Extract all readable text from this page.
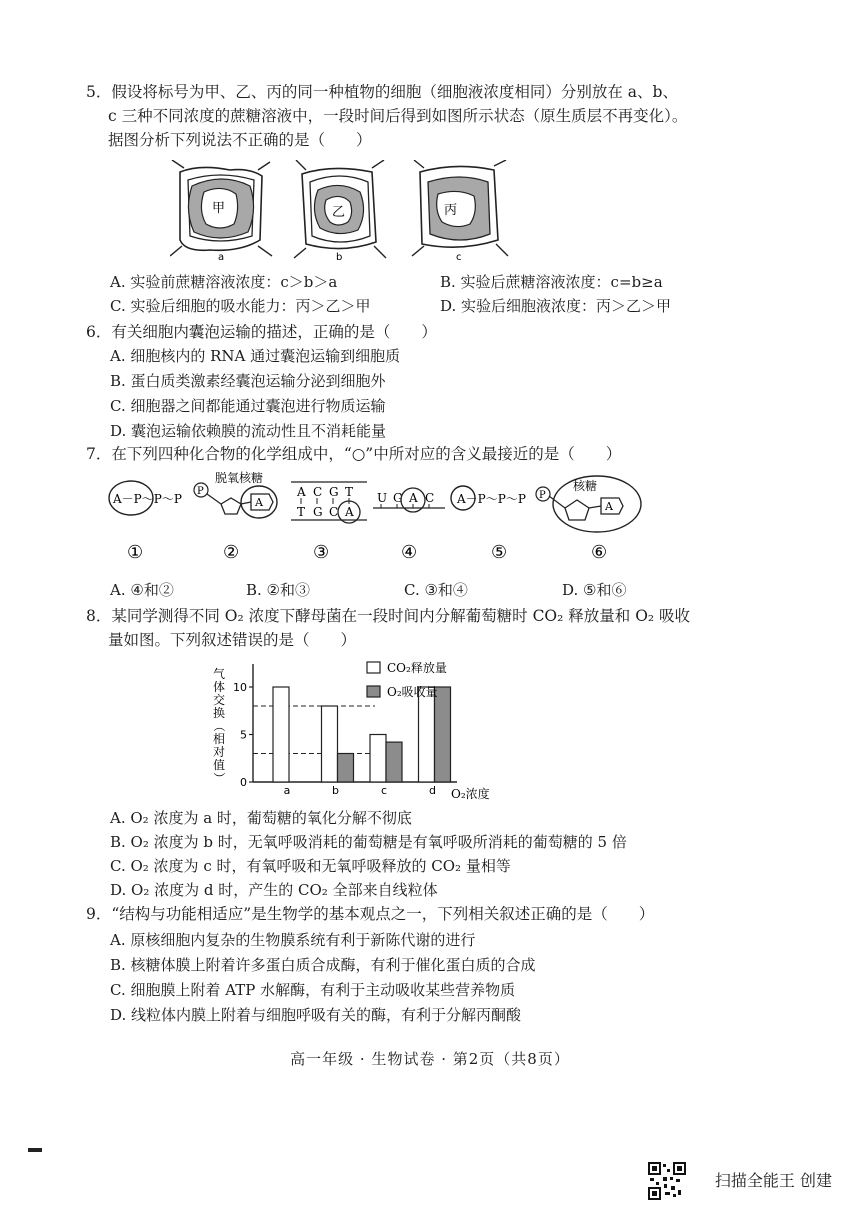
5．假设将标号为甲、乙、丙的同一种植物的细胞（细胞液浓度相同）分别放在 a、b、
c 三种不同浓度的蔗糖溶液中，一段时间后得到如图所示状态（原生质层不再变化）。
据图分析下列说法不正确的是（　　）
甲
a
乙
b
丙
c
A. 实验前蔗糖溶液浓度：c＞b＞a	B. 实验后蔗糖溶液浓度：c=b≥a
C. 实验后细胞的吸水能力：丙＞乙＞甲	D. 实验后细胞液浓度：丙＞乙＞甲
6．有关细胞内囊泡运输的描述，正确的是（　　）
A. 细胞核内的 RNA 通过囊泡运输到细胞质
B. 蛋白质类激素经囊泡运输分泌到细胞外
C. 细胞器之间都能通过囊泡进行物质运输
D. 囊泡运输依赖膜的流动性且不消耗能量
7．在下列四种化合物的化学组成中，“○”中所对应的含义最接近的是（　　）
A－P～P～P
P
A
脱氧核糖
A C G T
T G C A
U G A C A－P～P～P P
A
核糖
①	②	③	④	⑤	⑥
A. ④和②	B. ②和③	C. ③和④	D. ⑤和⑥
8．某同学测得不同 O₂ 浓度下酵母菌在一段时间内分解葡萄糖时 CO₂ 释放量和 O₂ 吸收
量如图。下列叙述错误的是（　　）
气
体
交
换
（
相
对
值
） 0
5
10
a	b	c	d O₂浓度
CO₂释放量
O₂吸收量
A. O₂ 浓度为 a 时，葡萄糖的氧化分解不彻底
B. O₂ 浓度为 b 时，无氧呼吸消耗的葡萄糖是有氧呼吸所消耗的葡萄糖的 5 倍
C. O₂ 浓度为 c 时，有氧呼吸和无氧呼吸释放的 CO₂ 量相等
D. O₂ 浓度为 d 时，产生的 CO₂ 全部来自线粒体
9．“结构与功能相适应”是生物学的基本观点之一，下列相关叙述正确的是（　　）
A. 原核细胞内复杂的生物膜系统有利于新陈代谢的进行
B. 核糖体膜上附着许多蛋白质合成酶，有利于催化蛋白质的合成
C. 细胞膜上附着 ATP 水解酶，有利于主动吸收某些营养物质
D. 线粒体内膜上附着与细胞呼吸有关的酶，有利于分解丙酮酸
高一年级 · 生物试卷 · 第2页（共8页）
扫描全能王 创建
